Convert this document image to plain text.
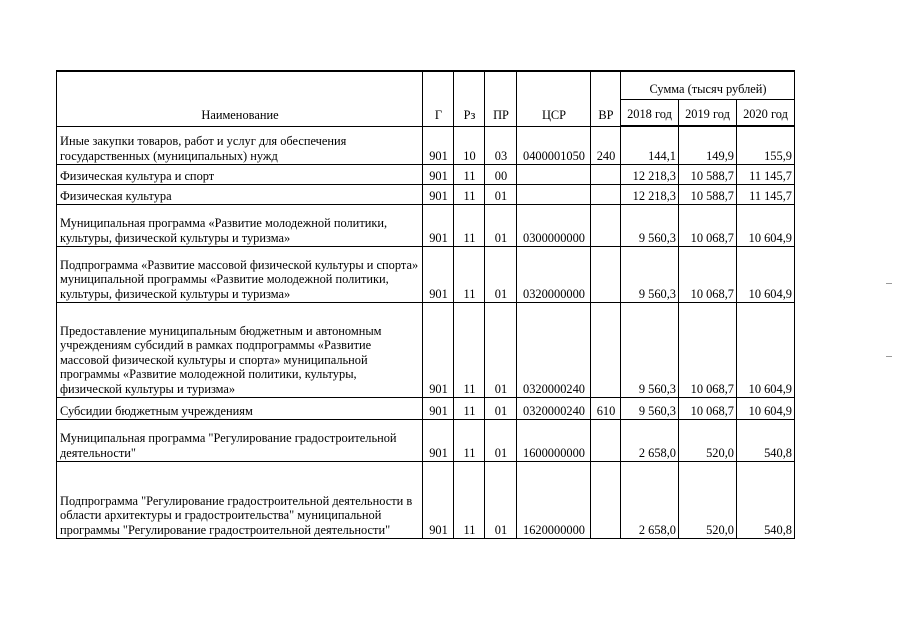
Наименование	Г	Рз	ПР	ЦСР	ВР	Сумма (тысяч рублей)		
						2018 год	2019 год	2020 год
Иные закупки товаров, работ и услуг для обеспечения государственных (муниципальных) нужд	901	10	03	0400001050	240	144,1	149,9	155,9
Физическая культура и спорт	901	11	00			12 218,3	10 588,7	11 145,7
Физическая культура	901	11	01			12 218,3	10 588,7	11 145,7
Муниципальная программа «Развитие молодежной политики, культуры, физической культуры и туризма»	901	11	01	0300000000		9 560,3	10 068,7	10 604,9
Подпрограмма «Развитие массовой физической культуры и спорта» муниципальной программы «Развитие молодежной политики, культуры, физической культуры и туризма»	901	11	01	0320000000		9 560,3	10 068,7	10 604,9
Предоставление муниципальным бюджетным и автономным учреждениям субсидий в рамках подпрограммы «Развитие массовой физической культуры и спорта» муниципальной программы «Развитие молодежной политики, культуры, физической культуры и туризма»	901	11	01	0320000240		9 560,3	10 068,7	10 604,9
Субсидии бюджетным учреждениям	901	11	01	0320000240	610	9 560,3	10 068,7	10 604,9
Муниципальная программа "Регулирование градостроительной деятельности"	901	11	01	1600000000		2 658,0	520,0	540,8
Подпрограмма "Регулирование градостроительной деятельности в области архитектуры и градостроительства" муниципальной программы "Регулирование градостроительной деятельности"	901	11	01	1620000000		2 658,0	520,0	540,8
